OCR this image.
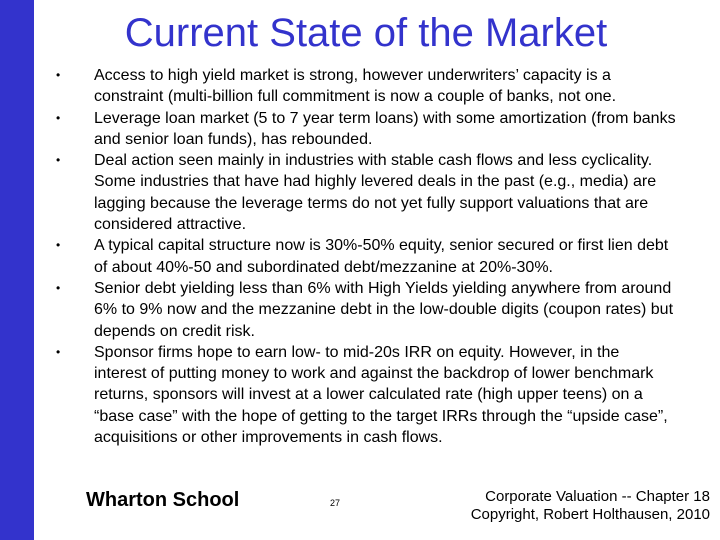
Current State of the Market
• Access to high yield market is strong, however underwriters’ capacity is a constraint (multi-billion full commitment is now a couple of banks, not one.
• Leverage loan market (5 to 7 year term loans) with some amortization (from banks and senior loan funds), has rebounded.
• Deal action seen mainly in industries with stable cash flows and less cyclicality. Some industries that have had highly levered deals in the past (e.g., media) are lagging because the leverage terms do not yet fully support valuations that are considered attractive.
• A typical capital structure now is 30%-50% equity, senior secured or first lien debt of about 40%-50 and subordinated debt/mezzanine at 20%-30%.
• Senior debt yielding less than 6% with High Yields yielding anywhere from around 6% to 9% now and the mezzanine debt in the low-double digits (coupon rates) but depends on credit risk.
• Sponsor firms hope to earn low- to mid-20s IRR on equity. However, in the interest of putting money to work and against the backdrop of lower benchmark returns, sponsors will invest at a lower calculated rate (high upper teens) on a “base case” with the hope of getting to the target IRRs through the “upside case”, acquisitions or other improvements in cash flows.
Wharton School	27	Corporate Valuation -- Chapter 18
Copyright, Robert Holthausen, 2010
